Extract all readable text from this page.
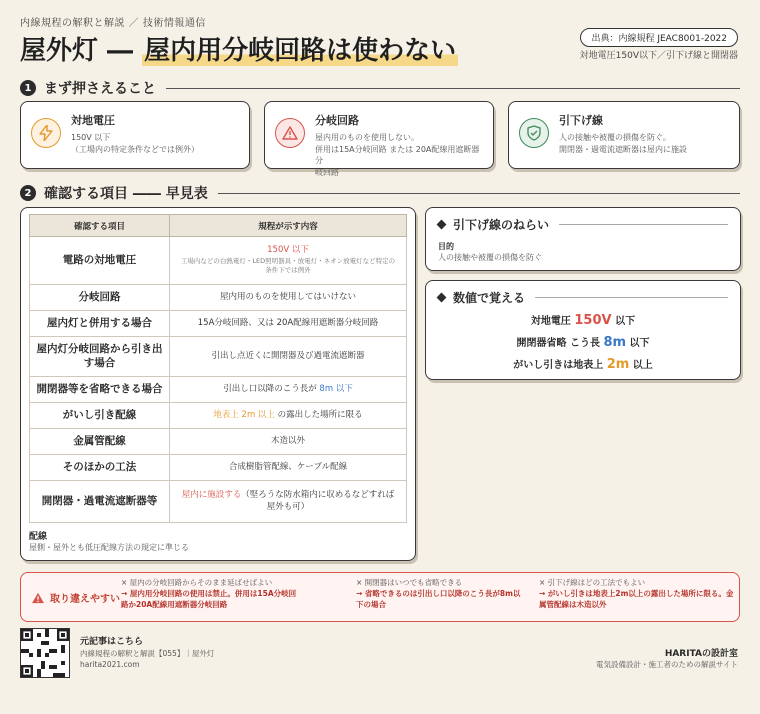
内線規程の解釈と解説 ／ 技術情報通信
屋外灯 ― 屋内用分岐回路は使わない	出典：内線規程 JEAC8001-2022
対地電圧150V以下／引下げ線と開閉器
1 まず押さえること
対地電圧
150V 以下
（工場内の特定条件などでは例外）
分岐回路
屋内用のものを使用しない。
併用は15A分岐回路 または 20A配線用遮断器分
岐回路
引下げ線
人の接触や被覆の損傷を防ぐ。
開閉器・過電流遮断器は屋内に施設
2 確認する項目 ―― 早見表
確認する項目	規程が示す内容
電路の対地電圧	150V 以下
工場内などの白熱電灯・LED照明器具・放電灯・ネオン放電灯など特定の条件下では例外

分岐回路	屋内用のものを使用してはいけない
屋内灯と併用する場合	15A分岐回路、又は 20A配線用遮断器分岐回路
屋内灯分岐回路から引き出す場合	引出し点近くに開閉器及び過電流遮断器
開閉器等を省略できる場合	引出し口以降のこう長が 8m 以下
がいし引き配線	地表上 2m 以上 の露出した場所に限る
金属管配線	木造以外
そのほかの工法	合成樹脂管配線、ケーブル配線
開閉器・過電流遮断器等	屋内に施設する（堅ろうな防水箱内に収めるなどすれば屋外も可）
配線
屋側・屋外とも低圧配線方法の規定に準じる
引下げ線のねらい
目的
人の接触や被覆の損傷を防ぐ
数値で覚える
対地電圧 150V 以下
開閉器省略 こう長 8m 以下
がいし引きは地表上 2m 以上
取り違えやすい
× 屋内の分岐回路からそのまま延ばせばよい
→ 屋内用分岐回路の使用は禁止。併用は15A分岐回路か20A配線用遮断器分岐回路
× 開閉器はいつでも省略できる
→ 省略できるのは引出し口以降のこう長が8m以下の場合
× 引下げ線はどの工法でもよい
→ がいし引きは地表上2m以上の露出した場所に限る。金属管配線は木造以外
元記事はこちら
内線規程の解釈と解説【055】｜屋外灯
harita2021.com
HARITAの設計室
電気設備設計・施工者のための解説サイト
